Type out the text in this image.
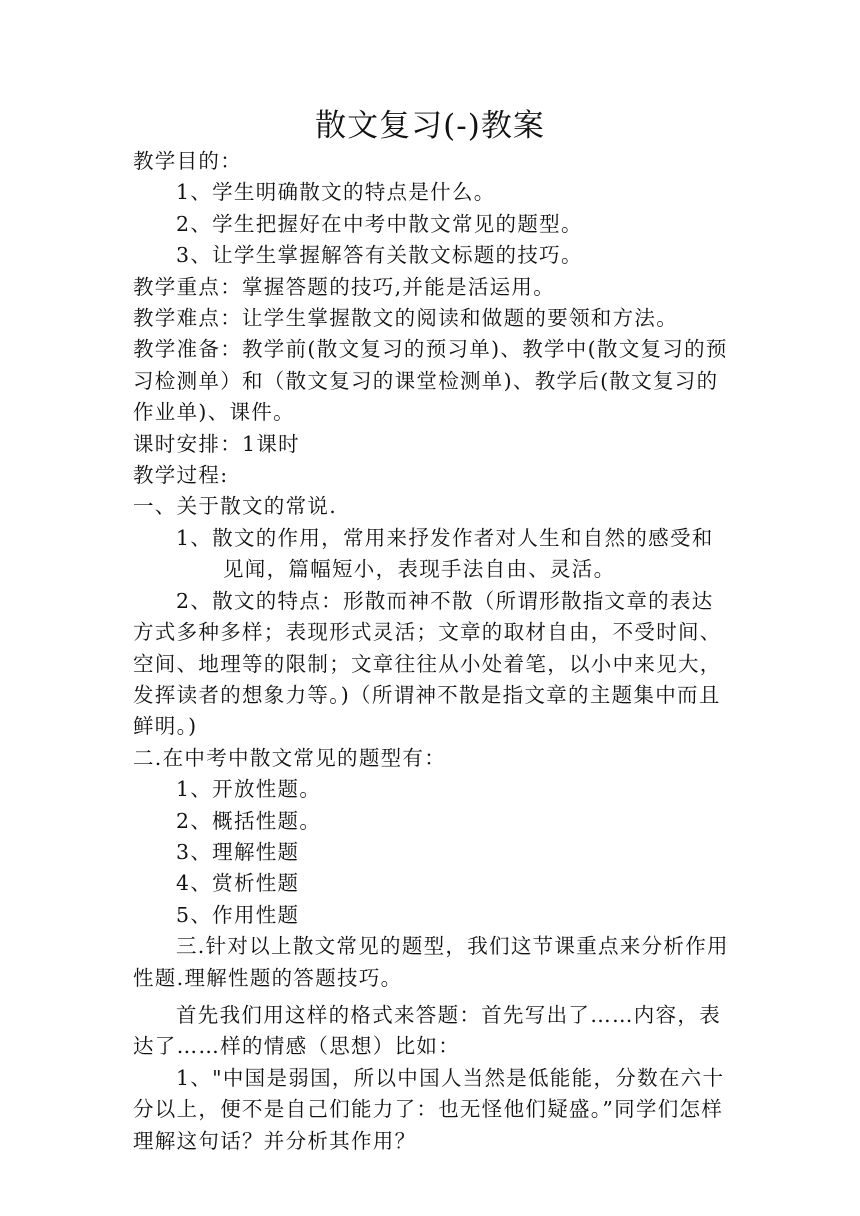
散文复习(-)教案

教学目的：

1、学生明确散文的特点是什么。

2、学生把握好在中考中散文常见的题型。

3、让学生掌握解答有关散文标题的技巧。

教学重点：掌握答题的技巧,并能是活运用。

教学难点：让学生掌握散文的阅读和做题的要领和方法。

教学准备：教学前(散文复习的预习单)、教学中(散文复习的预习检测单）和（散文复习的课堂检测单)、教学后(散文复习的作业单)、课件。

课时安排：1课时

教学过程:

一、关于散文的常说.

1、散文的作用，常用来抒发作者对人生和自然的感受和见闻，篇幅短小，表现手法自由、灵活。

2、散文的特点：形散而神不散（所谓形散指文章的表达方式多种多样；表现形式灵活；文章的取材自由，不受时间、空间、地理等的限制；文章往往从小处着笔，以小中来见大，发挥读者的想象力等。)（所谓神不散是指文章的主题集中而且鲜明。)

二.在中考中散文常见的题型有：

1、开放性题。

2、概括性题。

3、理解性题

4、赏析性题

5、作用性题

三.针对以上散文常见的题型，我们这节课重点来分析作用性题.理解性题的答题技巧。

首先我们用这样的格式来答题：首先写出了……内容，表达了……样的情感（思想）比如：

1、"中国是弱国，所以中国人当然是低能能，分数在六十分以上，便不是自己们能力了：也无怪他们疑盛。”同学们怎样理解这句话？并分析其作用？
